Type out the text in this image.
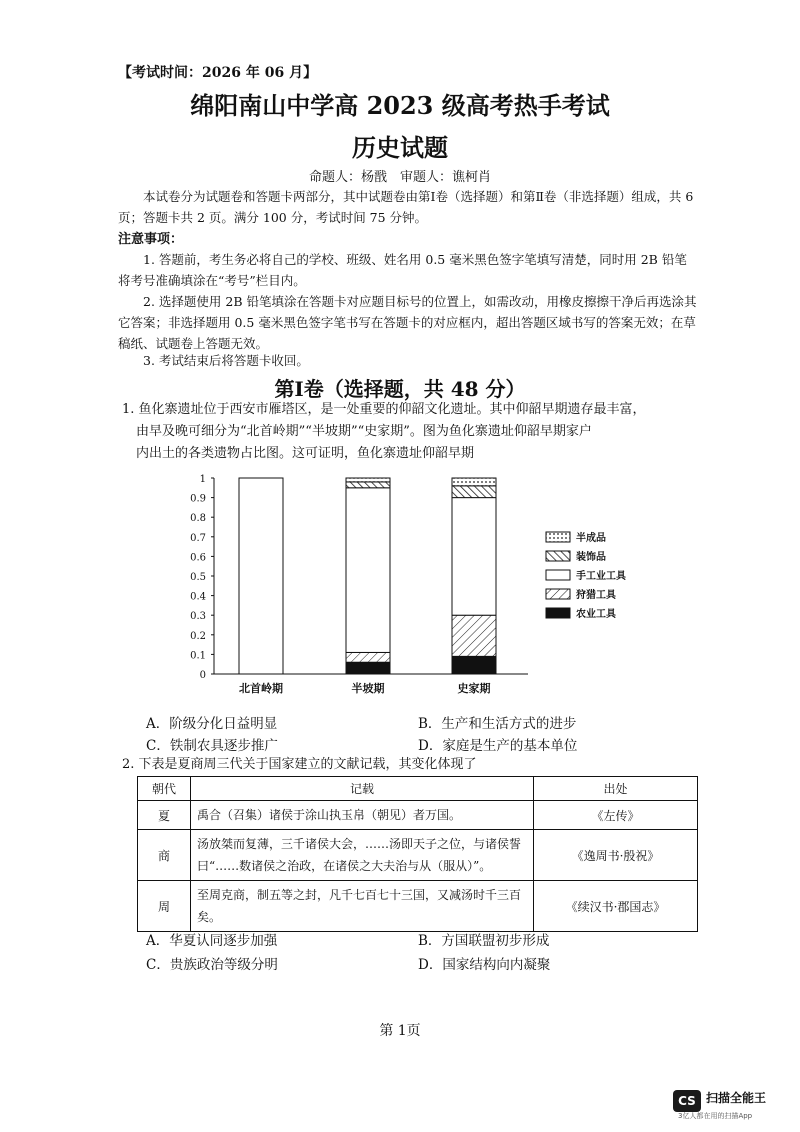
【考试时间：2026 年 06 月】
绵阳南山中学高 2023 级高考热手考试
历史试题
命题人：杨戬　审题人：谯柯肖
本试卷分为试题卷和答题卡两部分，其中试题卷由第Ⅰ卷（选择题）和第Ⅱ卷（非选择题）组成，共 6 页；答题卡共 2 页。满分 100 分，考试时间 75 分钟。
注意事项：
1. 答题前，考生务必将自己的学校、班级、姓名用 0.5 毫米黑色签字笔填写清楚，同时用 2B 铅笔将考号准确填涂在“考号”栏目内。
2. 选择题使用 2B 铅笔填涂在答题卡对应题目标号的位置上，如需改动，用橡皮擦擦干净后再选涂其它答案；非选择题用 0.5 毫米黑色签字笔书写在答题卡的对应框内，超出答题区域书写的答案无效；在草稿纸、试题卷上答题无效。
3. 考试结束后将答题卡收回。
第Ⅰ卷（选择题，共 48 分）
1. 鱼化寨遗址位于西安市雁塔区，是一处重要的仰韶文化遗址。其中仰韶早期遗存最丰富，
由早及晚可细分为“北首岭期”“半坡期”“史家期”。图为鱼化寨遗址仰韶早期家户
内出土的各类遗物占比图。这可证明，鱼化寨遗址仰韶早期
0
0.1
0.2
0.3
0.4
0.5
0.6
0.7
0.8
0.9
1
北首岭期	半坡期	史家期
半成品
装饰品
手工业工具
狩猎工具
农业工具
A．阶级分化日益明显	B．生产和生活方式的进步
C．铁制农具逐步推广	D．家庭是生产的基本单位
2. 下表是夏商周三代关于国家建立的文献记载，其变化体现了
朝代	记载	出处
夏	禹合（召集）诸侯于涂山执玉帛（朝见）者万国。	《左传》
商	汤放桀而复薄，三千诸侯大会，……汤即天子之位，与诸侯誓曰“……数诸侯之治政，在诸侯之大夫治与从（服从）”。	《逸周书·殷祝》
周	至周克商，制五等之封，凡千七百七十三国，又减汤时千三百矣。	《续汉书·郡国志》
A．华夏认同逐步加强	B．方国联盟初步形成
C．贵族政治等级分明	D．国家结构向内凝聚
第 1页
CS 扫描全能王
3亿人都在用的扫描App
